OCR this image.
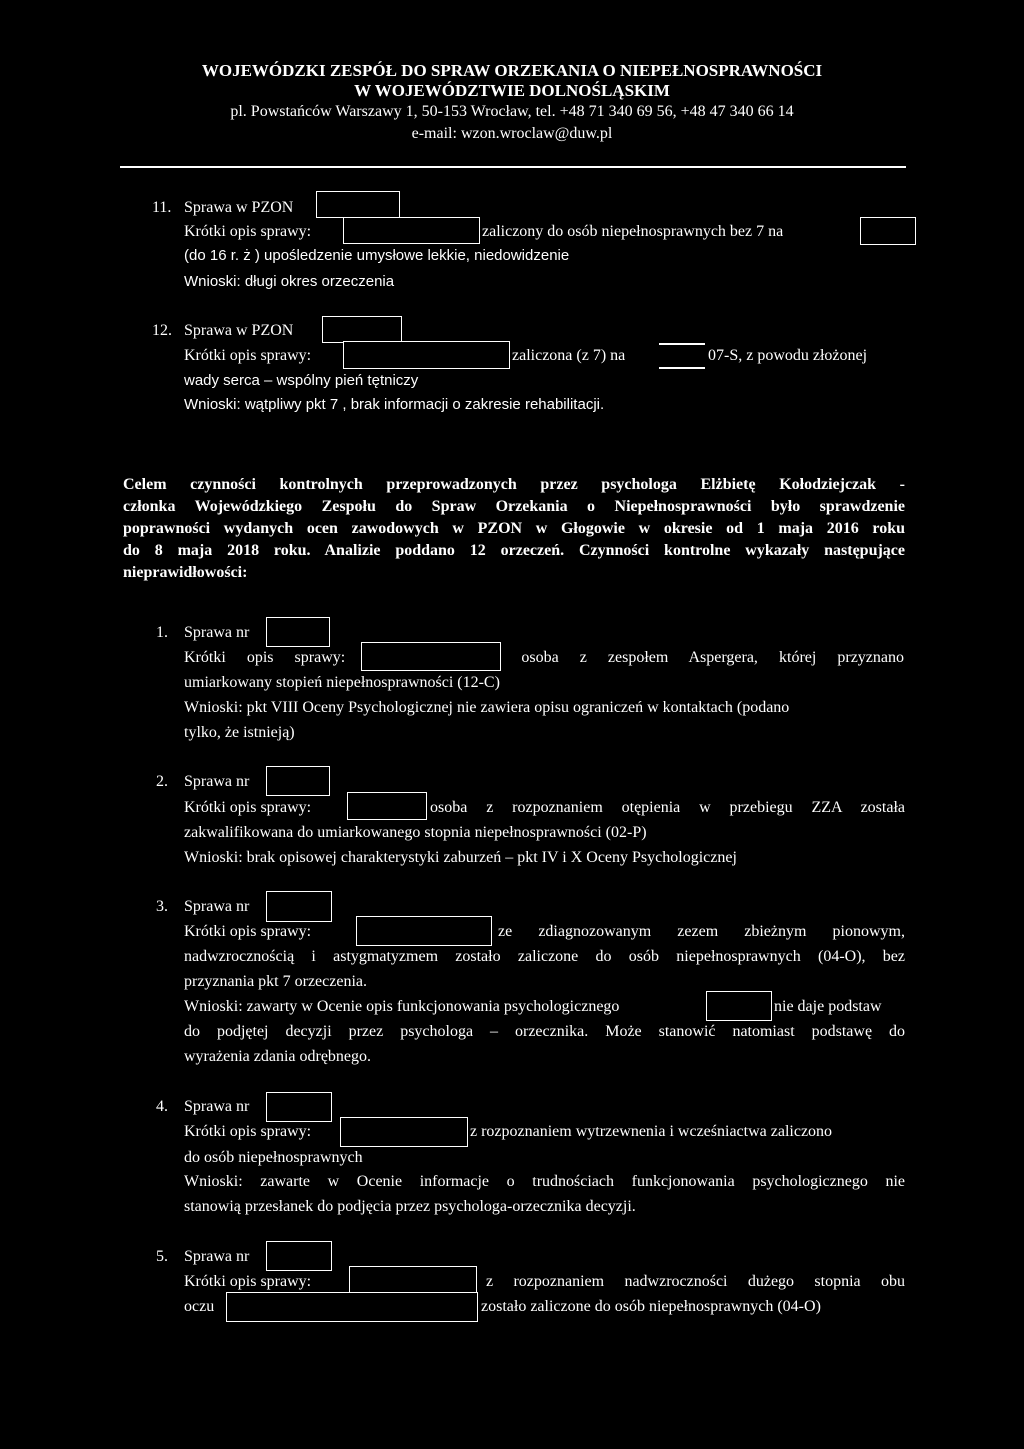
WOJEWÓDZKI ZESPÓŁ DO SPRAW ORZEKANIA O NIEPEŁNOSPRAWNOŚCI
W WOJEWÓDZTWIE DOLNOŚLĄSKIM
pl. Powstańców Warszawy 1, 50-153 Wrocław, tel. +48 71 340 69 56, +48 47 340 66 14
e-mail: wzon.wroclaw@duw.pl
11. Sprawa w PZON
Krótki opis sprawy:	zaliczony do osób niepełnosprawnych bez 7 na
(do 16 r. ż ) upośledzenie umysłowe lekkie, niedowidzenie
Wnioski: długi okres orzeczenia
12. Sprawa w PZON
Krótki opis sprawy:	zaliczona (z 7) na	07-S, z powodu złożonej
wady serca – wspólny pień tętniczy
Wnioski: wątpliwy pkt 7 , brak informacji o zakresie rehabilitacji.
Celem czynności kontrolnych przeprowadzonych przez psychologa Elżbietę Kołodziejczak -
członka Wojewódzkiego Zespołu do Spraw Orzekania o Niepełnosprawności było sprawdzenie
poprawności wydanych ocen zawodowych w PZON w Głogowie w okresie od 1 maja 2016 roku
do 8 maja 2018 roku. Analizie poddano 12 orzeczeń. Czynności kontrolne wykazały następujące
nieprawidłowości:
1. Sprawa nr
Krótki opis sprawy:	osoba z zespołem Aspergera, której przyznano
umiarkowany stopień niepełnosprawności (12-C)
Wnioski: pkt VIII Oceny Psychologicznej nie zawiera opisu ograniczeń w kontaktach (podano
tylko, że istnieją)
2. Sprawa nr
Krótki opis sprawy:	osoba z rozpoznaniem otępienia w przebiegu ZZA została
zakwalifikowana do umiarkowanego stopnia niepełnosprawności (02-P)
Wnioski: brak opisowej charakterystyki zaburzeń – pkt IV i X Oceny Psychologicznej
3. Sprawa nr
Krótki opis sprawy:	ze zdiagnozowanym zezem zbieżnym pionowym,
nadwzrocznością i astygmatyzmem zostało zaliczone do osób niepełnosprawnych (04-O), bez
przyznania pkt 7 orzeczenia.
Wnioski: zawarty w Ocenie opis funkcjonowania psychologicznego	nie daje podstaw
do podjętej decyzji przez psychologa – orzecznika. Może stanowić natomiast podstawę do
wyrażenia zdania odrębnego.
4. Sprawa nr
Krótki opis sprawy:	z rozpoznaniem wytrzewnenia i wcześniactwa zaliczono
do osób niepełnosprawnych
Wnioski: zawarte w Ocenie informacje o trudnościach funkcjonowania psychologicznego nie
stanowią przesłanek do podjęcia przez psychologa-orzecznika decyzji.
5. Sprawa nr
Krótki opis sprawy:	z rozpoznaniem nadwzroczności dużego stopnia obu
oczu	zostało zaliczone do osób niepełnosprawnych (04-O)
